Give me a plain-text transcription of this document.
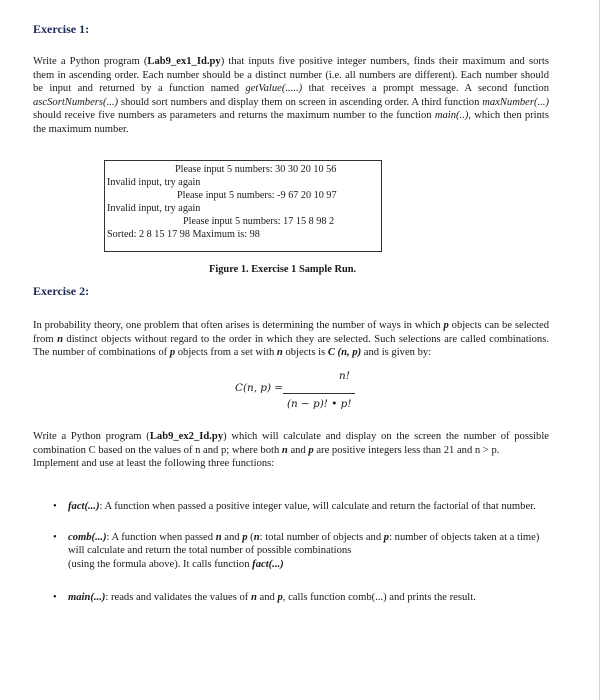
Exercise 1:

Write a Python program (Lab9_ex1_Id.py) that inputs five positive integer numbers, finds their maximum and sorts them in ascending order. Each number should be a distinct number (i.e. all numbers are different). Each number should be input and returned by a function named getValue(.....) that receives a prompt message. A second function ascSortNumbers(...) should sort numbers and display them on screen in ascending order. A third function maxNumber(...) should receive five numbers as parameters and returns the maximum number to the function main(..), which then prints the maximum number.

Please input 5 numbers: 30 30 20 10 56
Invalid input, try again
Please input 5 numbers: -9 67 20 10 97
Invalid input, try again
Please input 5 numbers: 17 15 8 98 2
Sorted: 2 8 15 17 98 Maximum is: 98
Figure 1. Exercise 1 Sample Run.
Exercise 2:

In probability theory, one problem that often arises is determining the number of ways in which p objects can be selected from n distinct objects without regard to the order in which they are selected. Such selections are called combinations. The number of combinations of p objects from a set with n objects is C (n, p) and is given by:

C(n, p) =
n!
(n − p)! • p!

Write a Python program (Lab9_ex2_Id.py) which will calculate and display on the screen the number of possible combination C based on the values of n and p; where both n and p are positive integers less than 21 and n > p.
Implement and use at least the following three functions:

• fact(...): A function when passed a positive integer value, will calculate and return the factorial of that number.
• comb(...): A function when passed n and p (n: total number of objects and p: number of objects taken at a time) will calculate and return the total number of possible combinations
(using the formula above). It calls function fact(...)
• main(...): reads and validates the values of n and p, calls function comb(...) and prints the result.
